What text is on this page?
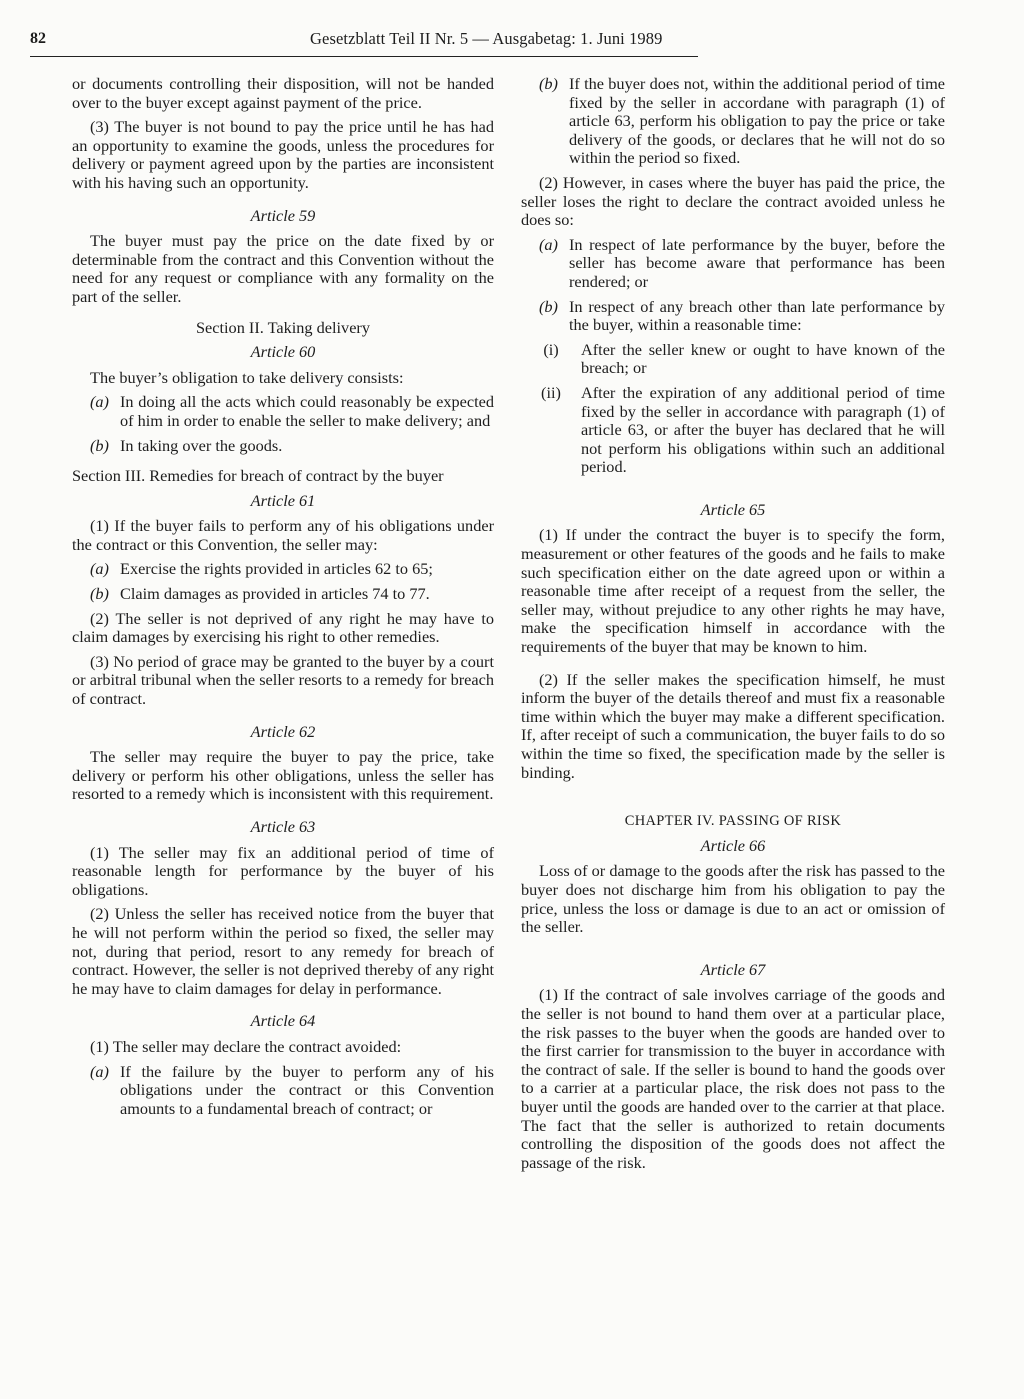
82	Gesetzblatt Teil II Nr. 5 — Ausgabetag: 1. Juni 1989

or documents controlling their disposition, will not be handed over to the buyer except against payment of the price.

(3) The buyer is not bound to pay the price until he has had an opportunity to examine the goods, unless the procedures for delivery or payment agreed upon by the parties are inconsistent with his having such an opportunity.

Article 59

The buyer must pay the price on the date fixed by or determinable from the contract and this Convention without the need for any request or compliance with any formality on the part of the seller.

Section II. Taking delivery
Article 60

The buyer’s obligation to take delivery consists:

(a) In doing all the acts which could reasonably be expected of him in order to enable the seller to make delivery; and
(b) In taking over the goods.
Section III. Remedies for breach of contract by the buyer
Article 61

(1) If the buyer fails to perform any of his obligations under the contract or this Convention, the seller may:

(a) Exercise the rights provided in articles 62 to 65;
(b) Claim damages as provided in articles 74 to 77.

(2) The seller is not deprived of any right he may have to claim damages by exercising his right to other remedies.

(3) No period of grace may be granted to the buyer by a court or arbitral tribunal when the seller resorts to a remedy for breach of contract.

Article 62

The seller may require the buyer to pay the price, take delivery or perform his other obligations, unless the seller has resorted to a remedy which is inconsistent with this requirement.

Article 63

(1) The seller may fix an additional period of time of reasonable length for performance by the buyer of his obligations.

(2) Unless the seller has received notice from the buyer that he will not perform within the period so fixed, the seller may not, during that period, resort to any remedy for breach of contract. However, the seller is not deprived thereby of any right he may have to claim damages for delay in performance.

Article 64

(1) The seller may declare the contract avoided:

(a) If the failure by the buyer to perform any of his obligations under the contract or this Convention amounts to a fundamental breach of contract; or
(b) If the buyer does not, within the additional period of time fixed by the seller in accordane with paragraph (1) of article 63, perform his obligation to pay the price or take delivery of the goods, or declares that he will not do so within the period so fixed.

(2) However, in cases where the buyer has paid the price, the seller loses the right to declare the contract avoided unless he does so:

(a) In respect of late performance by the buyer, before the seller has become aware that performance has been rendered; or
(b) In respect of any breach other than late performance by the buyer, within a reasonable time:
(i)	After the seller knew or ought to have known of the breach; or
(ii)	After the expiration of any additional period of time fixed by the seller in accordance with paragraph (1) of article 63, or after the buyer has declared that he will not perform his obligations within such an additional period.
Article 65

(1) If under the contract the buyer is to specify the form, measurement or other features of the goods and he fails to make such specification either on the date agreed upon or within a reasonable time after receipt of a request from the seller, the seller may, without prejudice to any other rights he may have, make the specification himself in accordance with the requirements of the buyer that may be known to him.

(2) If the seller makes the specification himself, he must inform the buyer of the details thereof and must fix a reasonable time within which the buyer may make a different specification. If, after receipt of such a communication, the buyer fails to do so within the time so fixed, the specification made by the seller is binding.

CHAPTER IV. PASSING OF RISK
Article 66

Loss of or damage to the goods after the risk has passed to the buyer does not discharge him from his obligation to pay the price, unless the loss or damage is due to an act or omission of the seller.

Article 67

(1) If the contract of sale involves carriage of the goods and the seller is not bound to hand them over at a particular place, the risk passes to the buyer when the goods are handed over to the first carrier for transmission to the buyer in accordance with the contract of sale. If the seller is bound to hand the goods over to a carrier at a particular place, the risk does not pass to the buyer until the goods are handed over to the carrier at that place. The fact that the seller is authorized to retain documents controlling the disposition of the goods does not affect the passage of the risk.
